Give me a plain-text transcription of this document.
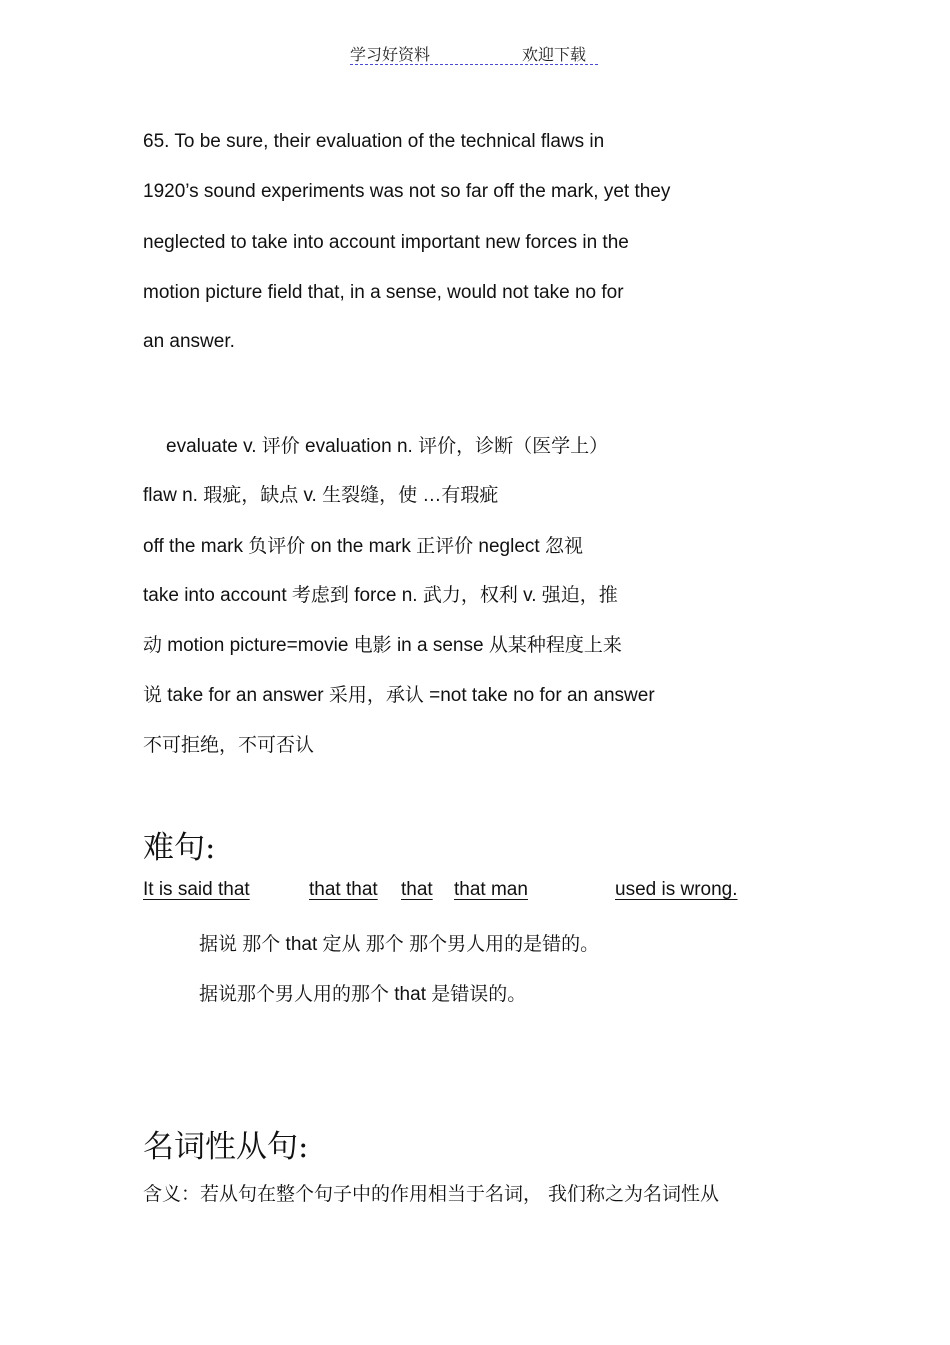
学习好资料	欢迎下载
65. To be sure, their evaluation of the technical flaws in
1920’s sound experiments was not so far off the mark, yet they
neglected to take into account important new forces in the
motion picture field that, in a sense, would not take no for
an answer.
evaluate v. 评价 evaluation n. 评价，诊断（医学上）
flaw n. 瑕疵，缺点 v. 生裂缝，使 …有瑕疵
off the mark 负评价 on the mark 正评价 neglect 忽视
take into account 考虑到 force n. 武力，权利 v. 强迫，推
动 motion picture=movie 电影 in a sense 从某种程度上来
说 take for an answer 采用，承认 =not take no for an answer
不可拒绝，不可否认
难句:
It is said that	that that that that man	used is wrong.
据说 那个 that 定从 那个 那个男人用的是错的。
据说那个男人用的那个 that 是错误的。
名词性从句:
含义：若从句在整个句子中的作用相当于名词， 我们称之为名词性从
